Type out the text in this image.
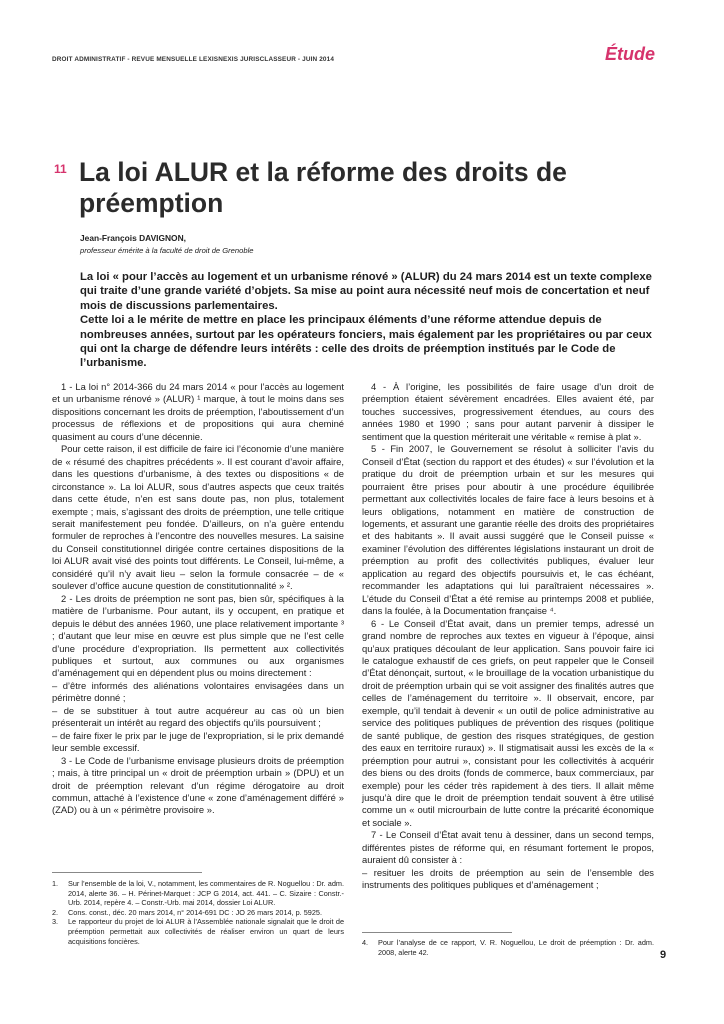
DROIT ADMINISTRATIF - REVUE MENSUELLE LEXISNEXIS JURISCLASSEUR - JUIN 2014	Étude
11 La loi ALUR et la réforme des droits de préemption
Jean-François DAVIGNON,
professeur émérite à la faculté de droit de Grenoble

La loi « pour l’accès au logement et un urbanisme rénové » (ALUR) du 24 mars 2014 est un texte complexe qui traite d’une grande variété d’objets. Sa mise au point aura nécessité neuf mois de concertation et neuf mois de discussions parlementaires.

Cette loi a le mérite de mettre en place les principaux éléments d’une réforme attendue depuis de nombreuses années, surtout par les opérateurs fonciers, mais également par les propriétaires ou par ceux qui ont la charge de défendre leurs intérêts : celle des droits de préemption institués par le Code de l’urbanisme.

1 - La loi n° 2014-366 du 24 mars 2014 « pour l’accès au logement et un urbanisme rénové » (ALUR) ¹ marque, à tout le moins dans ses dispositions concernant les droits de préemption, l’aboutissement d’un processus de réflexions et de propositions qui aura cheminé quasiment au cours d’une décennie.

Pour cette raison, il est difficile de faire ici l’économie d’une manière de « résumé des chapitres précédents ». Il est courant d’avoir affaire, dans les questions d’urbanisme, à des textes ou dispositions « de circonstance ». La loi ALUR, sous d’autres aspects que ceux traités dans cette étude, n’en est sans doute pas, non plus, totalement exempte ; mais, s’agissant des droits de préemption, une telle critique serait manifestement peu fondée. D’ailleurs, on n’a guère entendu formuler de reproches à l’encontre des nouvelles mesures. La saisine du Conseil constitutionnel dirigée contre certaines dispositions de la loi ALUR avait visé des points tout différents. Le Conseil, lui-même, a considéré qu’il n’y avait lieu – selon la formule consacrée – de « soulever d’office aucune question de constitutionnalité » ².

2 - Les droits de préemption ne sont pas, bien sûr, spécifiques à la matière de l’urbanisme. Pour autant, ils y occupent, en pratique et depuis le début des années 1960, une place relativement importante ³ ; d’autant que leur mise en œuvre est plus simple que ne l’est celle d’une procédure d’expropriation. Ils permettent aux collectivités publiques et surtout, aux communes ou aux organismes d’aménagement qui en dépendent plus ou moins directement :

– d’être informés des aliénations volontaires envisagées dans un périmètre donné ;

– de se substituer à tout autre acquéreur au cas où un bien présenterait un intérêt au regard des objectifs qu’ils poursuivent ;

– de faire fixer le prix par le juge de l’expropriation, si le prix demandé leur semble excessif.

3 - Le Code de l’urbanisme envisage plusieurs droits de préemption ; mais, à titre principal un « droit de préemption urbain » (DPU) et un droit de préemption relevant d’un régime dérogatoire au droit commun, attaché à l’existence d’une « zone d’aménagement différé » (ZAD) ou à un « périmètre provisoire ».

4 - À l’origine, les possibilités de faire usage d’un droit de préemption étaient sévèrement encadrées. Elles avaient été, par touches successives, progressivement étendues, au cours des années 1980 et 1990 ; sans pour autant parvenir à dissiper le sentiment que la question mériterait une véritable « remise à plat ».

5 - Fin 2007, le Gouvernement se résolut à solliciter l’avis du Conseil d’État (section du rapport et des études) « sur l’évolution et la pratique du droit de préemption urbain et sur les mesures qui pourraient être prises pour aboutir à une procédure équilibrée permettant aux collectivités locales de faire face à leurs besoins et à leurs obligations, notamment en matière de construction de logements, et assurant une garantie réelle des droits des propriétaires et des habitants ». Il avait aussi suggéré que le Conseil puisse « examiner l’évolution des différentes législations instaurant un droit de préemption au profit des collectivités publiques, évaluer leur application au regard des objectifs poursuivis et, le cas échéant, recommander les adaptations qui lui paraîtraient nécessaires ». L’étude du Conseil d’État a été remise au printemps 2008 et publiée, dans la foulée, à la Documentation française ⁴.

6 - Le Conseil d’État avait, dans un premier temps, adressé un grand nombre de reproches aux textes en vigueur à l’époque, ainsi qu’aux pratiques découlant de leur application. Sans pouvoir faire ici le catalogue exhaustif de ces griefs, on peut rappeler que le Conseil d’État dénonçait, surtout, « le brouillage de la vocation urbanistique du droit de préemption urbain qui se voit assigner des finalités autres que celles de l’aménagement du territoire ». Il observait, encore, par exemple, qu’il tendait à devenir « un outil de police administrative au service des politiques publiques de prévention des risques (politique de santé publique, de gestion des risques stratégiques, de gestion des eaux en territoire ruraux) ». Il stigmatisait aussi les excès de la « préemption pour autrui », consistant pour les collectivités à acquérir des biens ou des droits (fonds de commerce, baux commerciaux, par exemple) pour les céder très rapidement à des tiers. Il allait même jusqu’à dire que le droit de préemption tendait souvent à être utilisé comme un « outil microurbain de lutte contre la précarité économique et sociale ».

7 - Le Conseil d’État avait tenu à dessiner, dans un second temps, différentes pistes de réforme qui, en résumant fortement le propos, auraient dû consister à :

– resituer les droits de préemption au sein de l’ensemble des instruments des politiques publiques et d’aménagement ;

1.	Sur l’ensemble de la loi, V., notamment, les commentaires de R. Noguellou : Dr. adm. 2014, alerte 36. – H. Périnet-Marquet : JCP G 2014, act. 441. – C. Sizaire : Constr.-Urb. 2014, repère 4. – Constr.-Urb. mai 2014, dossier Loi ALUR.
2.	Cons. const., déc. 20 mars 2014, n° 2014-691 DC : JO 26 mars 2014, p. 5925.
3.	Le rapporteur du projet de loi ALUR à l’Assemblée nationale signalait que le droit de préemption permettait aux collectivités de réaliser environ un quart de leurs acquisitions foncières.	4.	Pour l’analyse de ce rapport, V. R. Noguellou, Le droit de préemption : Dr. adm. 2008, alerte 42.	9
